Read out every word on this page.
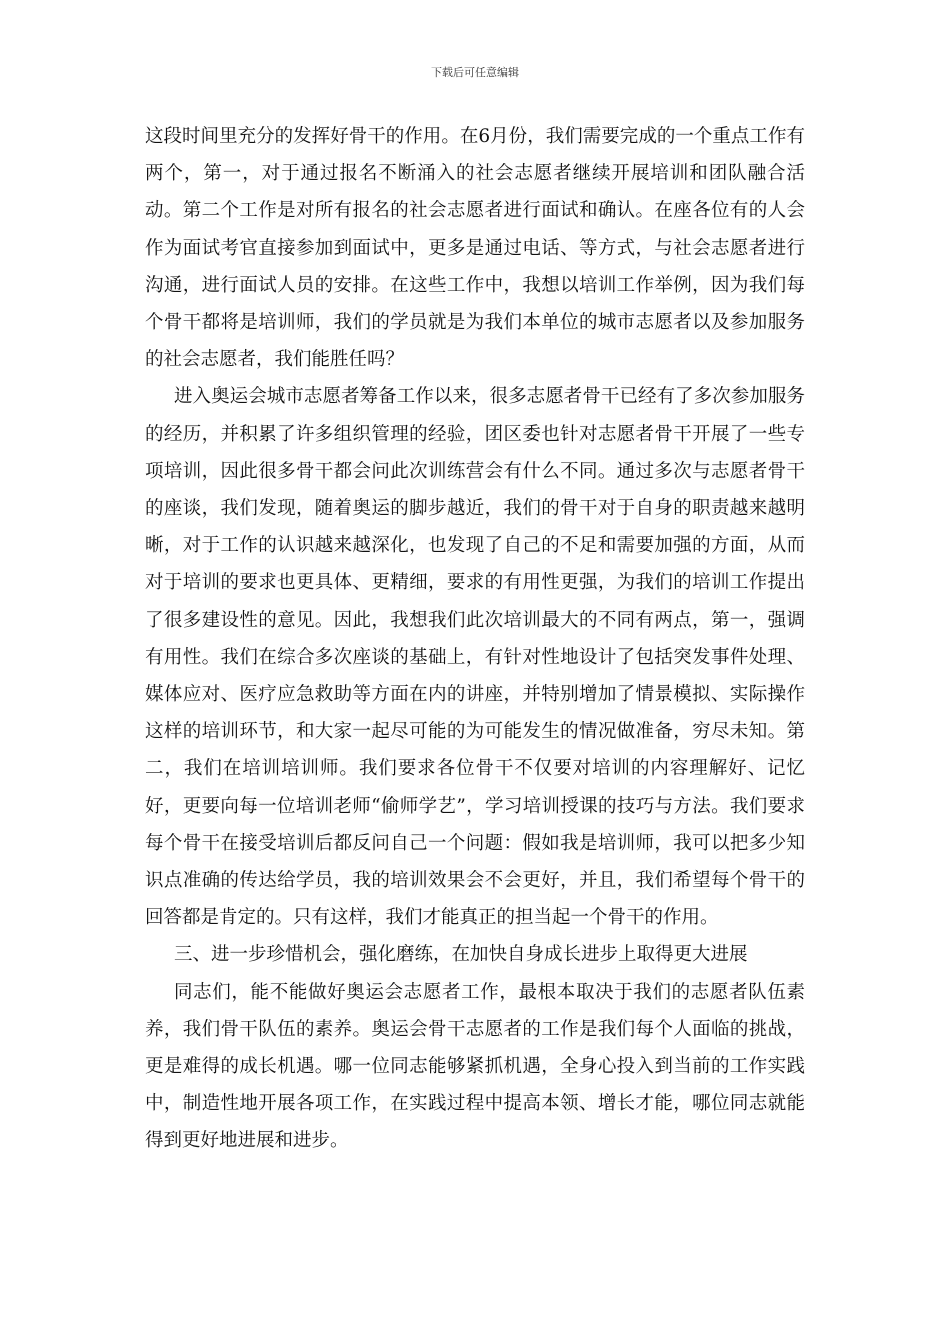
下载后可任意编辑

这段时间里充分的发挥好骨干的作用。在6月份，我们需要完成的一个重点工作有两个，第一，对于通过报名不断涌入的社会志愿者继续开展培训和团队融合活动。第二个工作是对所有报名的社会志愿者进行面试和确认。在座各位有的人会作为面试考官直接参加到面试中，更多是通过电话、等方式，与社会志愿者进行沟通，进行面试人员的安排。在这些工作中，我想以培训工作举例，因为我们每个骨干都将是培训师，我们的学员就是为我们本单位的城市志愿者以及参加服务的社会志愿者，我们能胜任吗？

进入奥运会城市志愿者筹备工作以来，很多志愿者骨干已经有了多次参加服务的经历，并积累了许多组织管理的经验，团区委也针对志愿者骨干开展了一些专项培训，因此很多骨干都会问此次训练营会有什么不同。通过多次与志愿者骨干的座谈，我们发现，随着奥运的脚步越近，我们的骨干对于自身的职责越来越明晰，对于工作的认识越来越深化，也发现了自己的不足和需要加强的方面，从而对于培训的要求也更具体、更精细，要求的有用性更强，为我们的培训工作提出了很多建设性的意见。因此，我想我们此次培训最大的不同有两点，第一，强调有用性。我们在综合多次座谈的基础上，有针对性地设计了包括突发事件处理、媒体应对、医疗应急救助等方面在内的讲座，并特别增加了情景模拟、实际操作这样的培训环节，和大家一起尽可能的为可能发生的情况做准备，穷尽未知。第二，我们在培训培训师。我们要求各位骨干不仅要对培训的内容理解好、记忆好，更要向每一位培训老师“偷师学艺”，学习培训授课的技巧与方法。我们要求每个骨干在接受培训后都反问自己一个问题：假如我是培训师，我可以把多少知识点准确的传达给学员，我的培训效果会不会更好，并且，我们希望每个骨干的回答都是肯定的。只有这样，我们才能真正的担当起一个骨干的作用。

三、进一步珍惜机会，强化磨练，在加快自身成长进步上取得更大进展

同志们，能不能做好奥运会志愿者工作，最根本取决于我们的志愿者队伍素养，我们骨干队伍的素养。奥运会骨干志愿者的工作是我们每个人面临的挑战，更是难得的成长机遇。哪一位同志能够紧抓机遇，全身心投入到当前的工作实践中，制造性地开展各项工作，在实践过程中提高本领、增长才能，哪位同志就能得到更好地进展和进步。
